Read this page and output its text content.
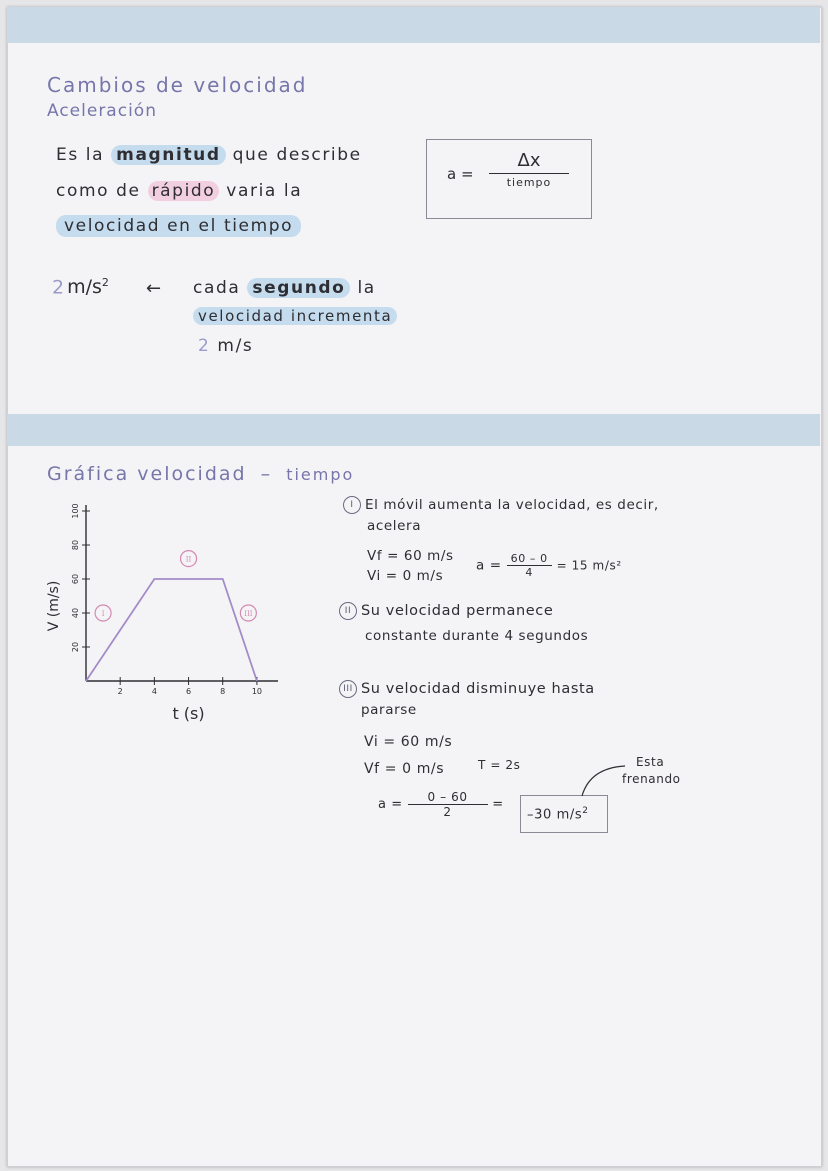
Cambios de velocidad
Aceleración
Es la magnitud que describe
como de rápido varia la
velocidad en el tiempo
a =
Δx
tiempo
2 $m/s^2$ ← cada segundo la
velocidad incrementa
2 m/s
Gráfica velocidad – tiempo
2	4	6	8	10
20
40
60
80
100
I
II
III
V (m/s)
t (s)
I El móvil aumenta la velocidad, es decir,
acelera
Vf = 60 m/s
Vi = 0 m/s
$a = \frac{60 - 0}{4} = 15$ m/s²
II Su velocidad permanece
constante durante 4 segundos
III Su velocidad disminuye hasta
pararse
Vi = 60 m/s
Vf = 0 m/s	T = 2s
$a = \frac{0 - 60}{2}$ =
–30 $m/s^2$
Esta
frenando
